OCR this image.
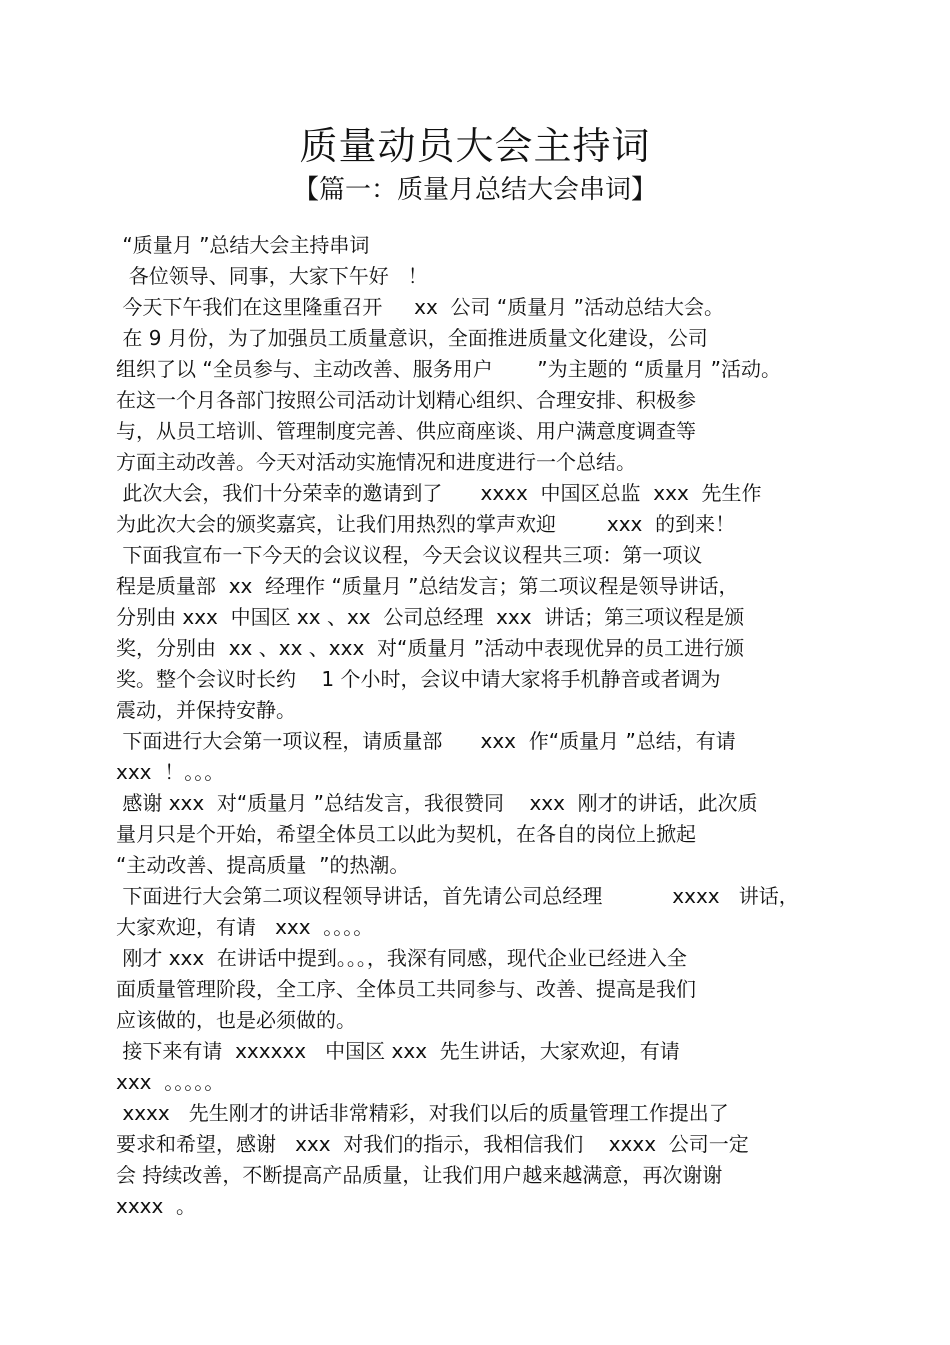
质量动员大会主持词
【篇一：质量月总结大会串词】
“质量月 ”总结大会主持串词
各位领导、同事，大家下午好   ！
今天下午我们在这里隆重召开     xx  公司 “质量月 ”活动总结大会。
在 9 月份，为了加强员工质量意识，全面推进质量文化建设，公司
组织了以 “全员参与、主动改善、服务用户       ”为主题的 “质量月 ”活动。
在这一个月各部门按照公司活动计划精心组织、合理安排、积极参
与，从员工培训、管理制度完善、供应商座谈、用户满意度调查等
方面主动改善。今天对活动实施情况和进度进行一个总结。
此次大会，我们十分荣幸的邀请到了      xxxx  中国区总监  xxx  先生作
为此次大会的颁奖嘉宾，让我们用热烈的掌声欢迎        xxx  的到来！
下面我宣布一下今天的会议议程，今天会议议程共三项：第一项议
程是质量部  xx  经理作 “质量月 ”总结发言；第二项议程是领导讲话，
分别由 xxx  中国区 xx 、xx  公司总经理  xxx  讲话；第三项议程是颁
奖，分别由  xx 、xx 、xxx  对“质量月 ”活动中表现优异的员工进行颁
奖。整个会议时长约    1 个小时，会议中请大家将手机静音或者调为
震动，并保持安静。
下面进行大会第一项议程，请质量部      xxx  作“质量月 ”总结，有请
xxx  ！。。。
感谢 xxx  对“质量月 ”总结发言，我很赞同    xxx  刚才的讲话，此次质
量月只是个开始，希望全体员工以此为契机，在各自的岗位上掀起
“主动改善、提高质量  ”的热潮。
下面进行大会第二项议程领导讲话，首先请公司总经理           xxxx   讲话，
大家欢迎，有请   xxx  。。。。
刚才 xxx  在讲话中提到。。。，我深有同感，现代企业已经进入全
面质量管理阶段，全工序、全体员工共同参与、改善、提高是我们
应该做的，也是必须做的。
接下来有请  xxxxxx   中国区 xxx  先生讲话，大家欢迎，有请
xxx  。。。。。
xxxx   先生刚才的讲话非常精彩，对我们以后的质量管理工作提出了
要求和希望，感谢   xxx  对我们的指示，我相信我们    xxxx  公司一定
会 持续改善，不断提高产品质量，让我们用户越来越满意，再次谢谢
xxxx  。
